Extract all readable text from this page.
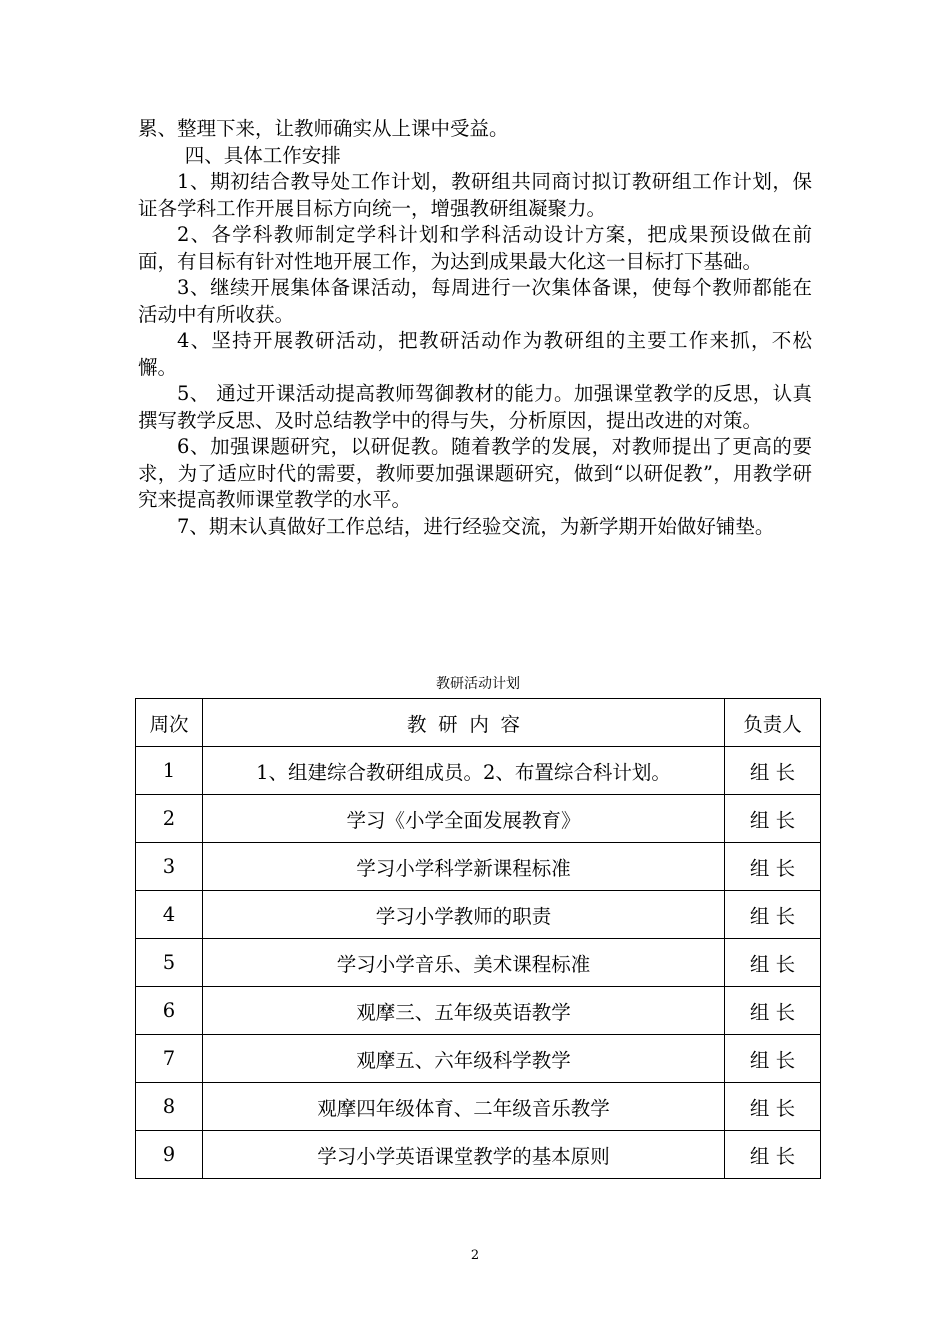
累、整理下来，让教师确实从上课中受益。

四、具体工作安排

1、期初结合教导处工作计划，教研组共同商讨拟订教研组工作计划，保证各学科工作开展目标方向统一，增强教研组凝聚力。

2、各学科教师制定学科计划和学科活动设计方案，把成果预设做在前面，有目标有针对性地开展工作，为达到成果最大化这一目标打下基础。

3、继续开展集体备课活动，每周进行一次集体备课，使每个教师都能在活动中有所收获。

4、坚持开展教研活动，把教研活动作为教研组的主要工作来抓，不松懈。

5、 通过开课活动提高教师驾御教材的能力。加强课堂教学的反思，认真撰写教学反思、及时总结教学中的得与失，分析原因，提出改进的对策。

6、加强课题研究，以研促教。随着教学的发展，对教师提出了更高的要求，为了适应时代的需要，教师要加强课题研究，做到“以研促教”，用教学研究来提高教师课堂教学的水平。

7、期末认真做好工作总结，进行经验交流，为新学期开始做好铺垫。

教研活动计划
周次	教研内容	负责人
1	1、组建综合教研组成员。2、布置综合科计划。	组 长
2	学习《小学全面发展教育》	组 长
3	学习小学科学新课程标准	组 长
4	学习小学教师的职责	组 长
5	学习小学音乐、美术课程标准	组 长
6	观摩三、五年级英语教学	组 长
7	观摩五、六年级科学教学	组 长
8	观摩四年级体育、二年级音乐教学	组 长
9	学习小学英语课堂教学的基本原则	组 长
2
